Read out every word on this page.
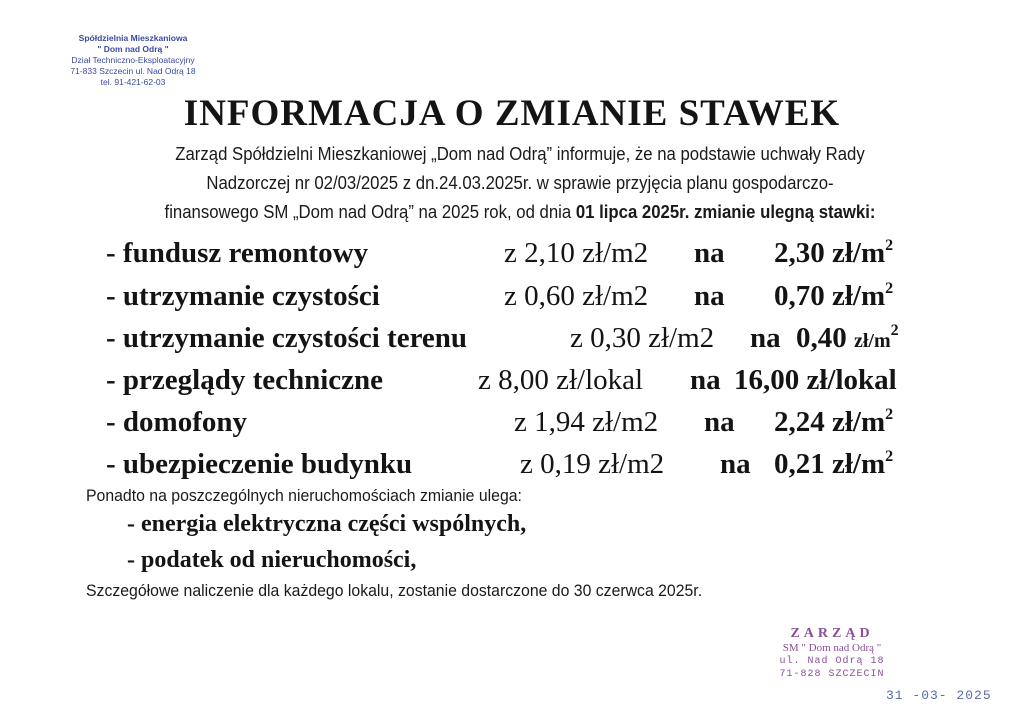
Spółdzielnia Mieszkaniowa
" Dom nad Odrą "
Dział Techniczno-Eksploatacyjny
71-833 Szczecin ul. Nad Odrą 18
tel. 91-421-62-03
INFORMACJA O ZMIANIE STAWEK
Zarząd Spółdzielni Mieszkaniowej „Dom nad Odrą” informuje, że na podstawie uchwały Rady
Nadzorczej nr 02/03/2025 z dn.24.03.2025r. w sprawie przyjęcia planu gospodarczo-
finansowego SM „Dom nad Odrą” na 2025 rok, od dnia 01 lipca 2025r. zmianie ulegną stawki:
- fundusz remontowy	z 2,10 zł/m2 na 2,30 $zł/m^2$
- utrzymanie czystości	z 0,60 zł/m2 na 0,70 $zł/m^2$
- utrzymanie czystości terenu	z 0,30 zł/m2 na 0,40 $zł/m^2$
- przeglądy techniczne	z 8,00 zł/lokal na 16,00 zł/lokal
- domofony	z 1,94 zł/m2 na 2,24 $zł/m^2$
- ubezpieczenie budynku	z 0,19 zł/m2 na 0,21 $zł/m^2$
Ponadto na poszczególnych nieruchomościach zmianie ulega:
- energia elektryczna części wspólnych,
- podatek od nieruchomości,
Szczegółowe naliczenie dla każdego lokalu, zostanie dostarczone do 30 czerwca 2025r.
ZARZĄD
SM " Dom nad Odrą "
ul. Nad Odrą 18
71-828 SZCZECIN
31 -03- 2025
